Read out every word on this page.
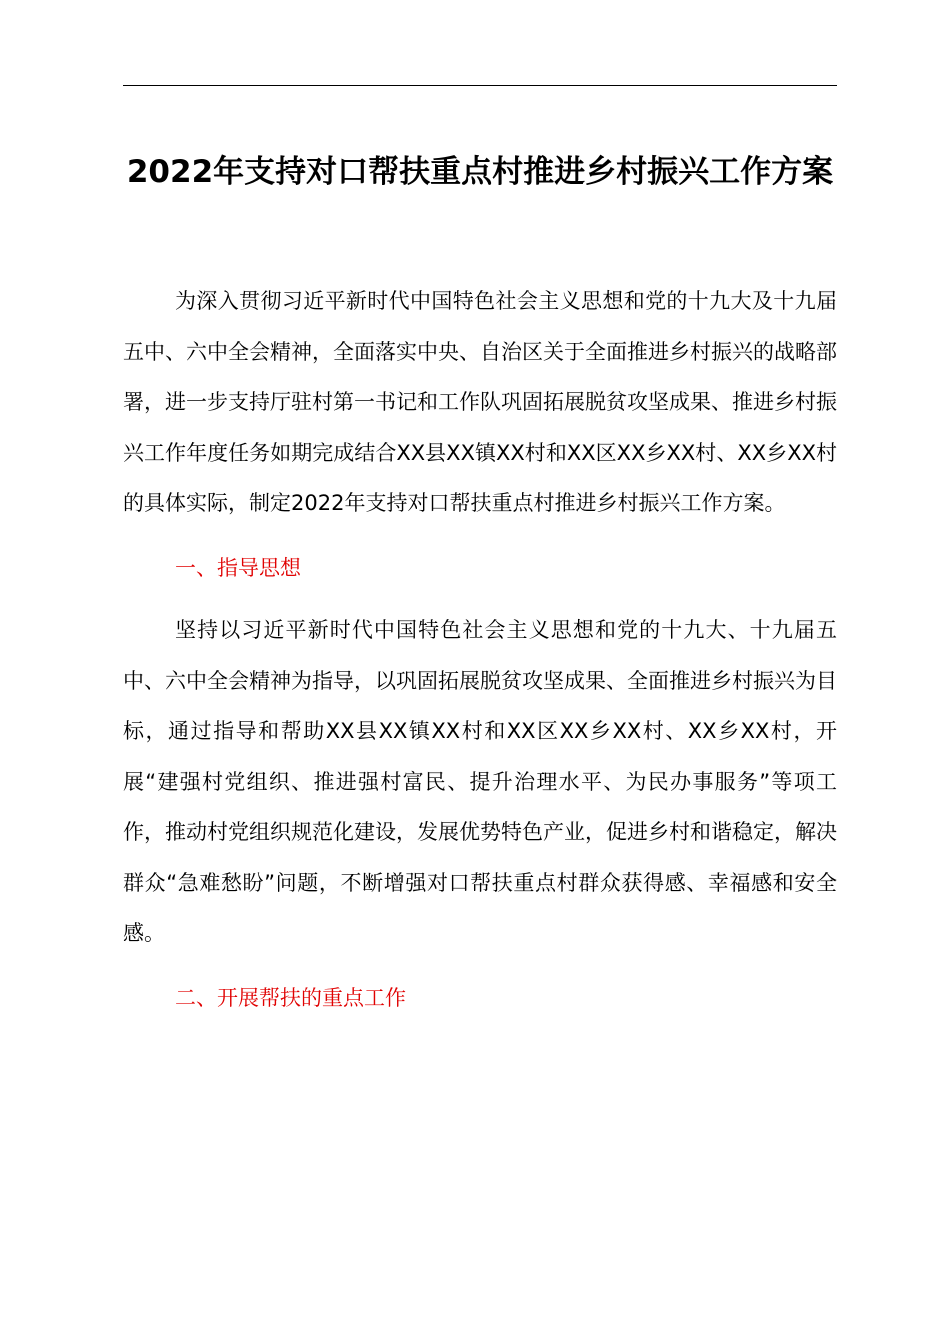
2022年支持对口帮扶重点村推进乡村振兴工作方案

为深入贯彻习近平新时代中国特色社会主义思想和党的十九大及十九届五中、六中全会精神，全面落实中央、自治区关于全面推进乡村振兴的战略部署，进一步支持厅驻村第一书记和工作队巩固拓展脱贫攻坚成果、推进乡村振兴工作年度任务如期完成结合XX县XX镇XX村和XX区XX乡XX村、XX乡XX村的具体实际，制定2022年支持对口帮扶重点村推进乡村振兴工作方案。

一、指导思想

坚持以习近平新时代中国特色社会主义思想和党的十九大、十九届五中、六中全会精神为指导，以巩固拓展脱贫攻坚成果、全面推进乡村振兴为目标，通过指导和帮助XX县XX镇XX村和XX区XX乡XX村、XX乡XX村，开展“建强村党组织、推进强村富民、提升治理水平、为民办事服务”等项工作，推动村党组织规范化建设，发展优势特色产业，促进乡村和谐稳定，解决群众“急难愁盼”问题，不断增强对口帮扶重点村群众获得感、幸福感和安全感。

二、开展帮扶的重点工作
